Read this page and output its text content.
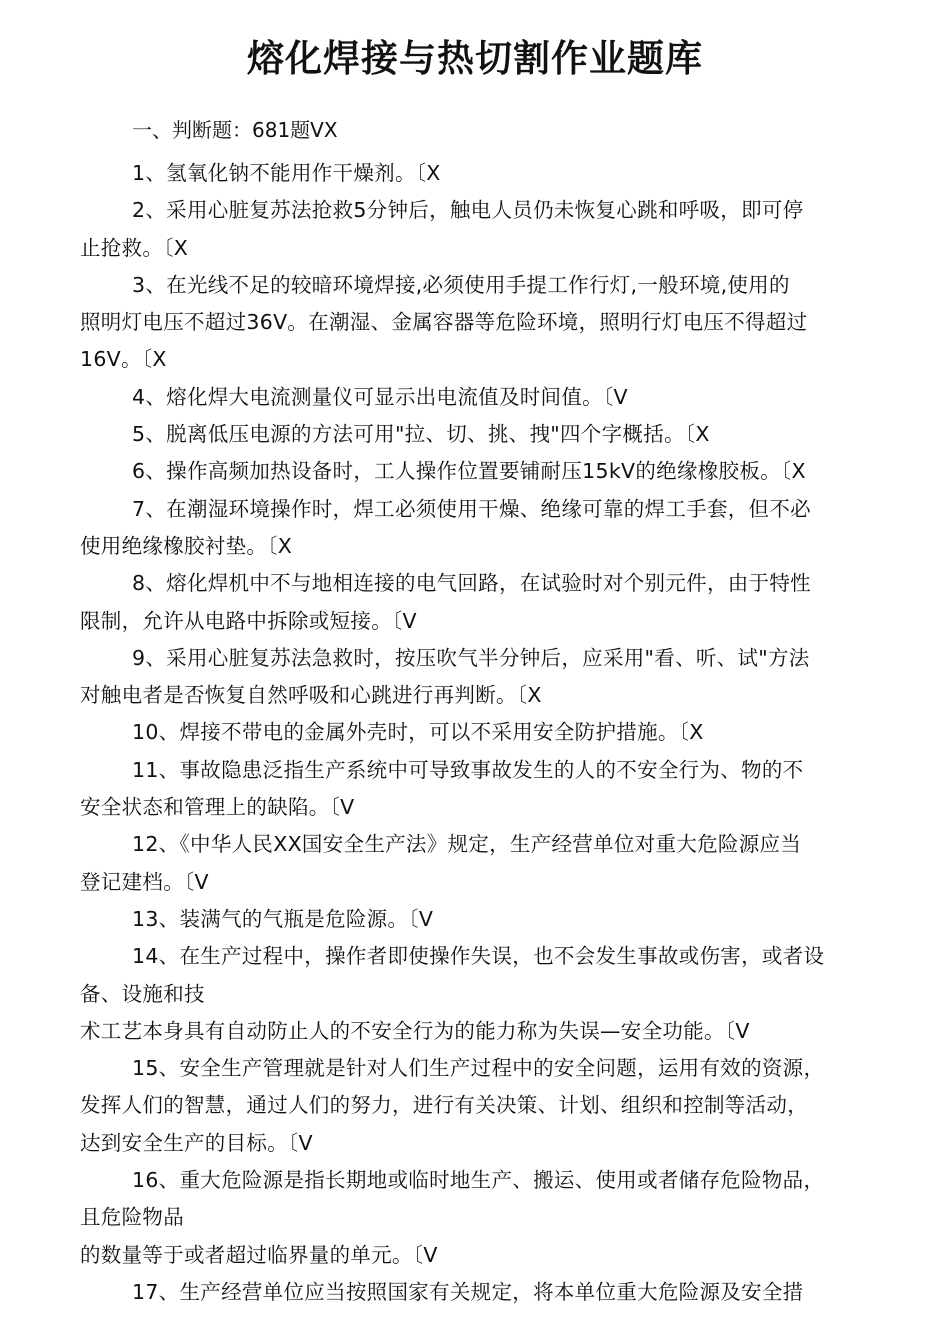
熔化焊接与热切割作业题库
一、判断题：681题VX
1、氢氧化钠不能用作干燥剂。〔X
2、采用心脏复苏法抢救5分钟后，触电人员仍未恢复心跳和呼吸，即可停
止抢救。〔X
3、在光线不足的较暗环境焊接,必须使用手提工作行灯,一般环境,使用的
照明灯电压不超过36V。在潮湿、金属容器等危险环境，照明行灯电压不得超过
16V。〔X
4、熔化焊大电流测量仪可显示出电流值及时间值。〔V
5、脱离低压电源的方法可用"拉、切、挑、拽"四个字概括。〔X
6、操作高频加热设备时，工人操作位置要铺耐压15kV的绝缘橡胶板。〔X
7、在潮湿环境操作时，焊工必须使用干燥、绝缘可靠的焊工手套，但不必
使用绝缘橡胶衬垫。〔X
8、熔化焊机中不与地相连接的电气回路，在试验时对个别元件，由于特性
限制，允许从电路中拆除或短接。〔V
9、采用心脏复苏法急救时，按压吹气半分钟后，应采用"看、听、试"方法
对触电者是否恢复自然呼吸和心跳进行再判断。〔X
10、焊接不带电的金属外壳时，可以不采用安全防护措施。〔X
11、事故隐患泛指生产系统中可导致事故发生的人的不安全行为、物的不
安全状态和管理上的缺陷。〔V
12、《中华人民XX国安全生产法》规定，生产经营单位对重大危险源应当
登记建档。〔V
13、装满气的气瓶是危险源。〔V
14、在生产过程中，操作者即使操作失误，也不会发生事故或伤害，或者设
备、设施和技
术工艺本身具有自动防止人的不安全行为的能力称为失误—安全功能。〔V
15、安全生产管理就是针对人们生产过程中的安全问题，运用有效的资源，
发挥人们的智慧，通过人们的努力，进行有关决策、计划、组织和控制等活动，
达到安全生产的目标。〔V
16、重大危险源是指长期地或临时地生产、搬运、使用或者储存危险物品，
且危险物品
的数量等于或者超过临界量的单元。〔V
17、生产经营单位应当按照国家有关规定，将本单位重大危险源及安全措
